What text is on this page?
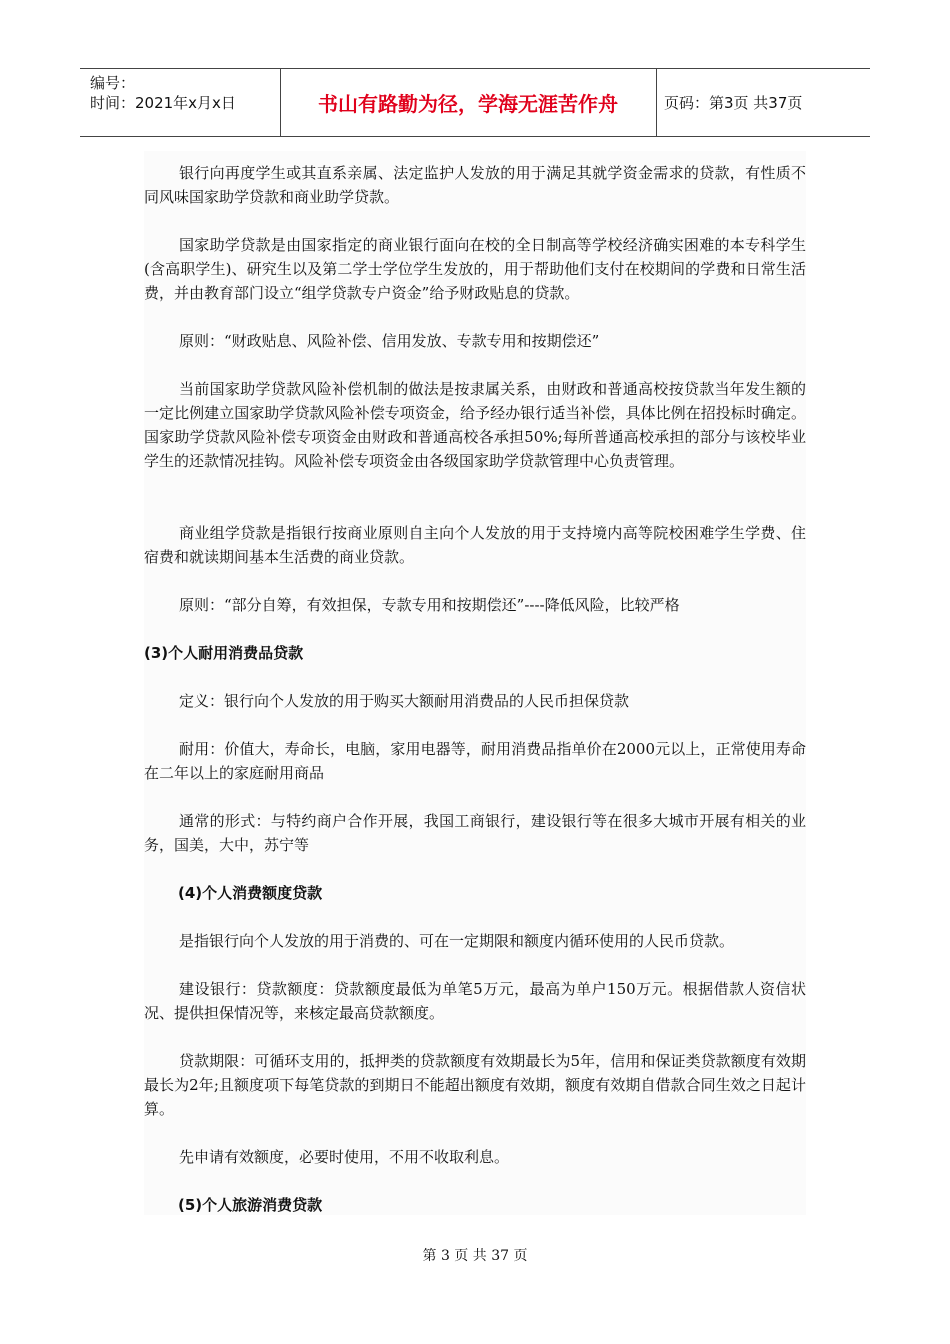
编号：
时间：2021年x月x日	书山有路勤为径，学海无涯苦作舟	页码：第3页 共37页

银行向再度学生或其直系亲属、法定监护人发放的用于满足其就学资金需求的贷款，有性质不同风味国家助学贷款和商业助学贷款。

国家助学贷款是由国家指定的商业银行面向在校的全日制高等学校经济确实困难的本专科学生(含高职学生)、研究生以及第二学士学位学生发放的，用于帮助他们支付在校期间的学费和日常生活费，并由教育部门设立“组学贷款专户资金”给予财政贴息的贷款。

原则：“财政贴息、风险补偿、信用发放、专款专用和按期偿还”

当前国家助学贷款风险补偿机制的做法是按隶属关系，由财政和普通高校按贷款当年发生额的一定比例建立国家助学贷款风险补偿专项资金，给予经办银行适当补偿，具体比例在招投标时确定。国家助学贷款风险补偿专项资金由财政和普通高校各承担50%;每所普通高校承担的部分与该校毕业学生的还款情况挂钩。风险补偿专项资金由各级国家助学贷款管理中心负责管理。

商业组学贷款是指银行按商业原则自主向个人发放的用于支持境内高等院校困难学生学费、住宿费和就读期间基本生活费的商业贷款。

原则：“部分自筹，有效担保，专款专用和按期偿还”----降低风险，比较严格

(3)个人耐用消费品贷款

定义：银行向个人发放的用于购买大额耐用消费品的人民币担保贷款

耐用：价值大，寿命长，电脑，家用电器等，耐用消费品指单价在2000元以上，正常使用寿命在二年以上的家庭耐用商品

通常的形式：与特约商户合作开展，我国工商银行，建设银行等在很多大城市开展有相关的业务，国美，大中，苏宁等

(4)个人消费额度贷款

是指银行向个人发放的用于消费的、可在一定期限和额度内循环使用的人民币贷款。

建设银行：贷款额度：贷款额度最低为单笔5万元，最高为单户150万元。根据借款人资信状况、提供担保情况等，来核定最高贷款额度。

贷款期限：可循环支用的，抵押类的贷款额度有效期最长为5年，信用和保证类贷款额度有效期最长为2年;且额度项下每笔贷款的到期日不能超出额度有效期，额度有效期自借款合同生效之日起计算。

先申请有效额度，必要时使用，不用不收取利息。

(5)个人旅游消费贷款
第 3 页 共 37 页
